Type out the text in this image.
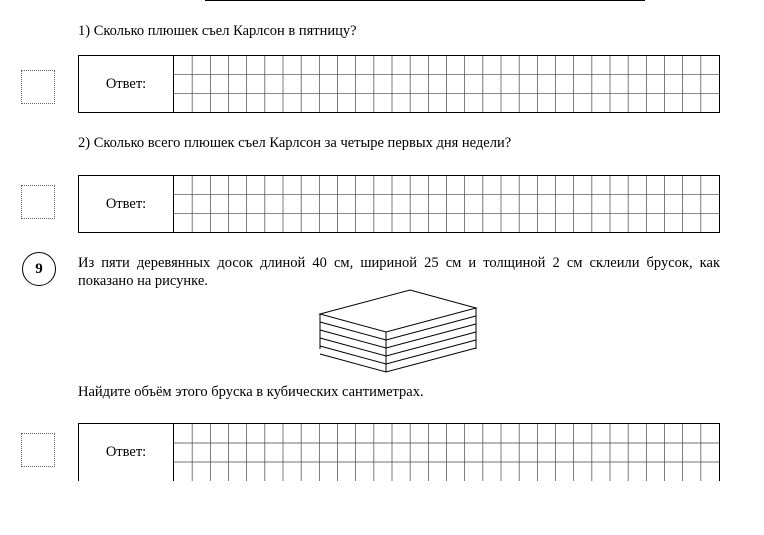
1) Сколько плюшек съел Карлсон в пятницу?
Ответ:
2) Сколько всего плюшек съел Карлсон за четыре первых дня недели?
Ответ:
9	Из пяти деревянных досок длиной 40 см, шириной 25 см и толщиной 2 см склеили брусок, как показано на рисунке.
Найдите объём этого бруска в кубических сантиметрах.
Ответ:
